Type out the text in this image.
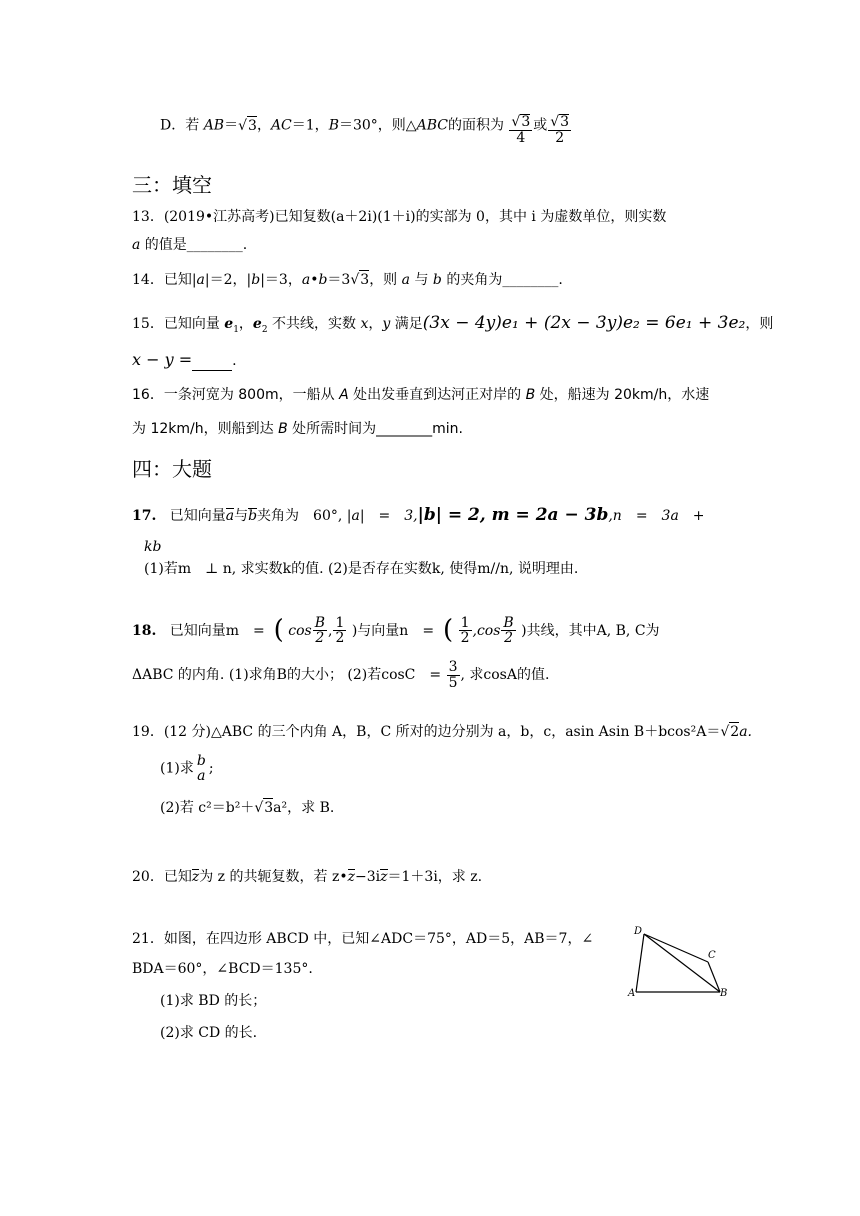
D．若 AB＝√3，AC＝1，B＝30°，则△ABC的面积为 $\frac{√3}{4}$ 或 $\frac{√3}{2}$
三：填空
13．(2019•江苏高考)已知复数(a＋2i)(1＋i)的实部为 0，其中 i 为虚数单位，则实数
a 的值是________.
14．已知|a|＝2，|b|＝3，a•b＝3√3，则 a 与 b 的夹角为________.
15．已知向量 $e_1$，$e_2$ 不共线，实数 x，y 满足(3x − 4y)e₁ + (2x − 3y)e₂ = 6e₁ + 3e₂，则
x − y =	.
16．一条河宽为 800m，一船从 A 处出发垂直到达河正对岸的 B 处，船速为 20km/h，水速
为 12km/h，则船到达 B 处所需时间为________min.
四：大题
17. 已知向量a与b夹角为　60°, |a|　=　3,|b| = 2, m = 2a − 3b,n　=　3a　+
kb
(1)若m　⊥ n, 求实数k的值. (2)是否存在实数k, 使得m//n, 说明理由.
18. 已知向量m　= ( $\cos \frac{B}{2}$ , $\frac{1}{2}$ )与向量n　= ( $\frac{1}{2} ,\cos \frac{B}{2}$ )共线，其中A, B, C为
ΔABC 的内角. (1)求角B的大小； (2)若cosC　= $\frac{3}{5}$ , 求cosA的值.
19．(12 分)△ABC 的三个内角 A，B，C 所对的边分别为 a，b，c，asin Asin B＋bcos²A＝√2a.
(1)求 b
a ;
(2)若 c²＝b²＋√3a²，求 B.
20．已知z为 z 的共轭复数，若 z•z−3iz＝1＋3i，求 z.
21．如图，在四边形 ABCD 中，已知∠ADC＝75°，AD＝5，AB＝7，∠
BDA＝60°，∠BCD＝135°.
(1)求 BD 的长；
(2)求 CD 的长.
D
C
A	B
